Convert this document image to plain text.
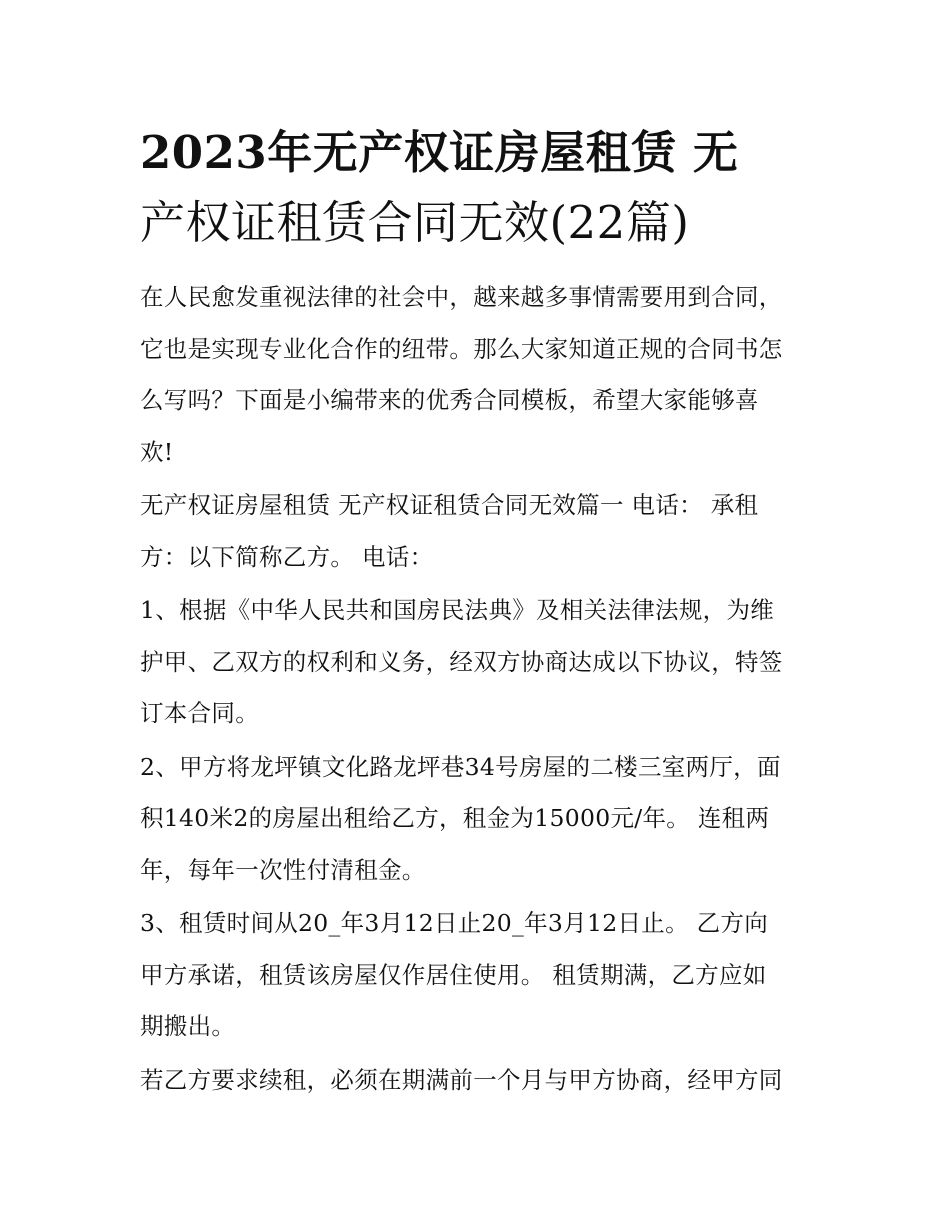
2023年无产权证房屋租赁 无
产权证租赁合同无效(22篇)

在人民愈发重视法律的社会中，越来越多事情需要用到合同，
它也是实现专业化合作的纽带。那么大家知道正规的合同书怎
么写吗？下面是小编带来的优秀合同模板，希望大家能够喜
欢!

无产权证房屋租赁 无产权证租赁合同无效篇一 电话： 承租
方：以下简称乙方。 电话：

1、根据《中华人民共和国房民法典》及相关法律法规，为维
护甲、乙双方的权利和义务，经双方协商达成以下协议，特签
订本合同。

2、甲方将龙坪镇文化路龙坪巷34号房屋的二楼三室两厅，面
积140米2的房屋出租给乙方，租金为15000元/年。 连租两
年，每年一次性付清租金。

3、租赁时间从20_年3月12日止20_年3月12日止。 乙方向
甲方承诺，租赁该房屋仅作居住使用。 租赁期满，乙方应如
期搬出。

若乙方要求续租，必须在期满前一个月与甲方协商，经甲方同
